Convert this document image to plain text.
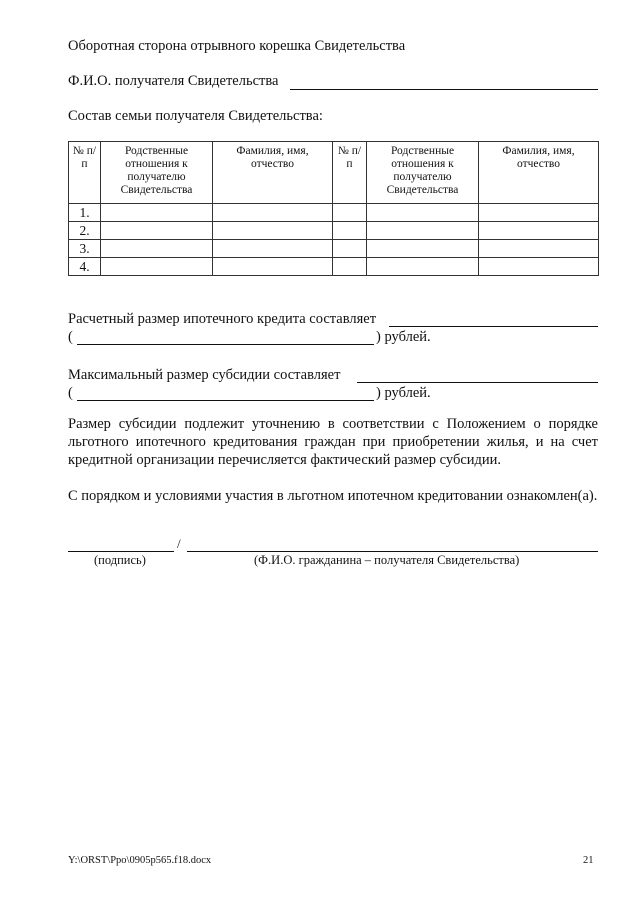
Оборотная сторона отрывного корешка Свидетельства
Ф.И.О. получателя Свидетельства
Состав семьи получателя Свидетельства:
№ п/п	Родственные отношения к получателю Свидетельства	Фамилия, имя, отчество	№ п/п	Родственные отношения к получателю Свидетельства	Фамилия, имя, отчество
1.					
2.					
3.					
4.					
Расчетный размер ипотечного кредита составляет
(	) рублей.
Максимальный размер субсидии составляет
(	) рублей.
Размер субсидии подлежит уточнению в соответствии с Положением о порядке льготного ипотечного кредитования граждан при приобретении жилья, и на счет кредитной организации перечисляется фактический размер субсидии.
С порядком и условиями участия в льготном ипотечном кредитовании ознакомлен(а).
/
(подпись)	(Ф.И.О. гражданина – получателя Свидетельства)
Y:\ORST\Ppo\0905p565.f18.docx	21
